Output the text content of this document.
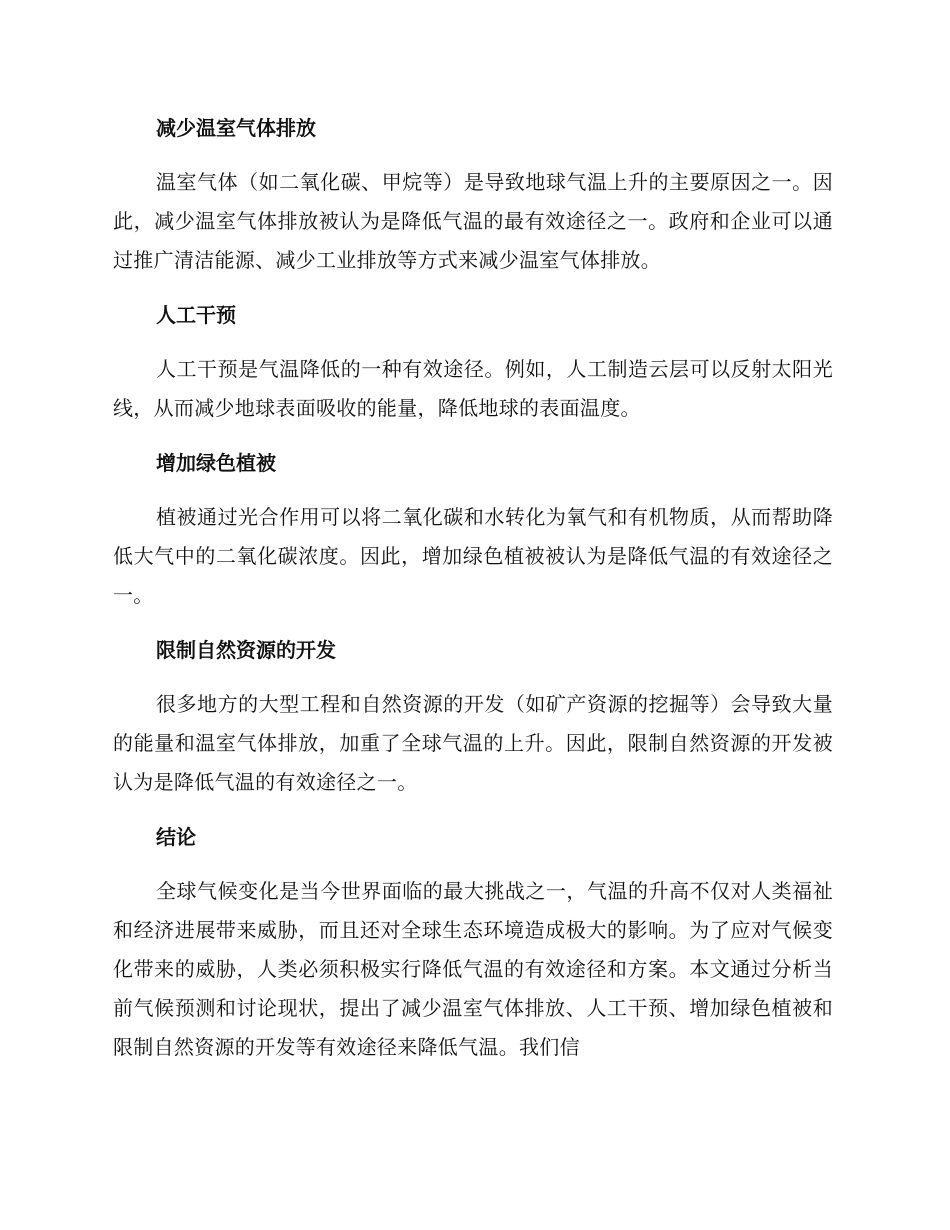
减少温室气体排放

温室气体（如二氧化碳、甲烷等）是导致地球气温上升的主要原因之一。因此，减少温室气体排放被认为是降低气温的最有效途径之一。政府和企业可以通过推广清洁能源、减少工业排放等方式来减少温室气体排放。

人工干预

人工干预是气温降低的一种有效途径。例如，人工制造云层可以反射太阳光线，从而减少地球表面吸收的能量，降低地球的表面温度。

增加绿色植被

植被通过光合作用可以将二氧化碳和水转化为氧气和有机物质，从而帮助降低大气中的二氧化碳浓度。因此，增加绿色植被被认为是降低气温的有效途径之一。

限制自然资源的开发

很多地方的大型工程和自然资源的开发（如矿产资源的挖掘等）会导致大量的能量和温室气体排放，加重了全球气温的上升。因此，限制自然资源的开发被认为是降低气温的有效途径之一。

结论

全球气候变化是当今世界面临的最大挑战之一，气温的升高不仅对人类福祉和经济进展带来威胁，而且还对全球生态环境造成极大的影响。为了应对气候变化带来的威胁，人类必须积极实行降低气温的有效途径和方案。本文通过分析当前气候预测和讨论现状，提出了减少温室气体排放、人工干预、增加绿色植被和限制自然资源的开发等有效途径来降低气温。我们信
